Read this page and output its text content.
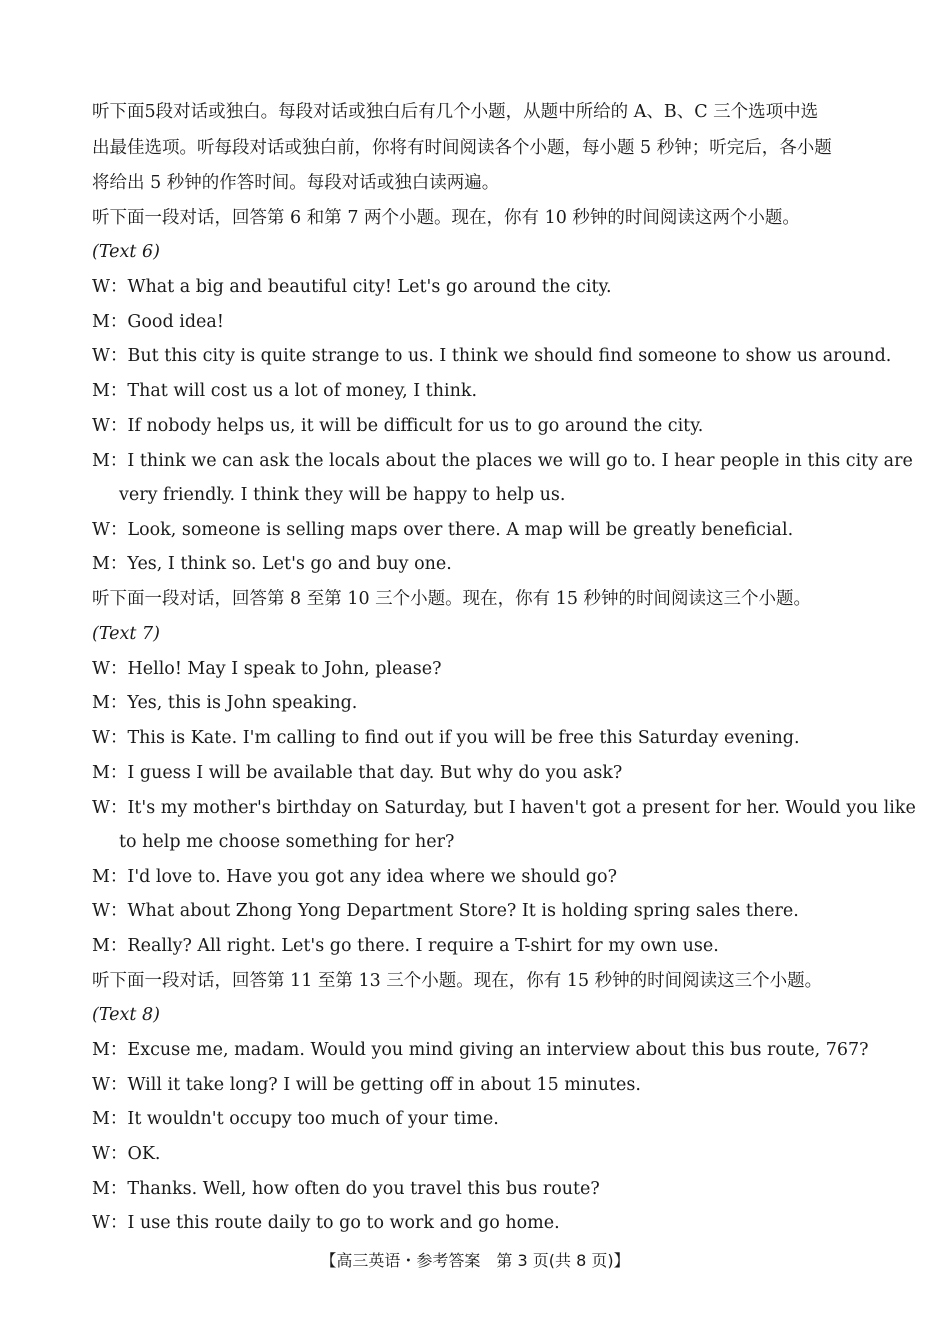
听下面5段对话或独白。每段对话或独白后有几个小题，从题中所给的 A、B、C 三个选项中选
出最佳选项。听每段对话或独白前，你将有时间阅读各个小题，每小题 5 秒钟；听完后，各小题
将给出 5 秒钟的作答时间。每段对话或独白读两遍。
听下面一段对话，回答第 6 和第 7 两个小题。现在，你有 10 秒钟的时间阅读这两个小题。
(Text 6)
W：What a big and beautiful city! Let's go around the city.
M：Good idea!
W：But this city is quite strange to us. I think we should find someone to show us around.
M：That will cost us a lot of money, I think.
W：If nobody helps us, it will be difficult for us to go around the city.
M：I think we can ask the locals about the places we will go to. I hear people in this city are
very friendly. I think they will be happy to help us.
W：Look, someone is selling maps over there. A map will be greatly beneficial.
M：Yes, I think so. Let's go and buy one.
听下面一段对话，回答第 8 至第 10 三个小题。现在，你有 15 秒钟的时间阅读这三个小题。
(Text 7)
W：Hello! May I speak to John, please?
M：Yes, this is John speaking.
W：This is Kate. I'm calling to find out if you will be free this Saturday evening.
M：I guess I will be available that day. But why do you ask?
W：It's my mother's birthday on Saturday, but I haven't got a present for her. Would you like
to help me choose something for her?
M：I'd love to. Have you got any idea where we should go?
W：What about Zhong Yong Department Store? It is holding spring sales there.
M：Really? All right. Let's go there. I require a T-shirt for my own use.
听下面一段对话，回答第 11 至第 13 三个小题。现在，你有 15 秒钟的时间阅读这三个小题。
(Text 8)
M：Excuse me, madam. Would you mind giving an interview about this bus route, 767?
W：Will it take long? I will be getting off in about 15 minutes.
M：It wouldn't occupy too much of your time.
W：OK.
M：Thanks. Well, how often do you travel this bus route?
W：I use this route daily to go to work and go home.
【高三英语・参考答案　第 3 页(共 8 页)】
